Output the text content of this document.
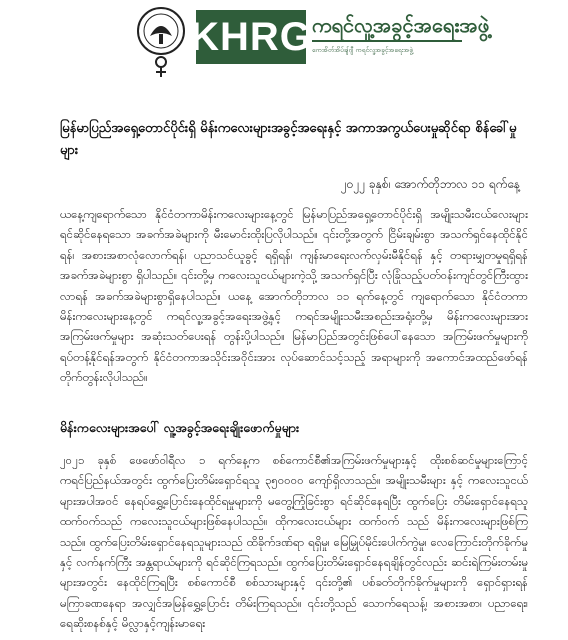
KHRG ကရင်လူ့အခွင့်အရေးအဖွဲ့
ကေအိတ်အိပ်ချ်ဂျီ ကရင်လူ့အခွင့်အရေးအဖွဲ့
မြန်မာပြည်အရှေ့တောင်ပိုင်းရှိ မိန်းကလေးများအခွင့်အရေးနှင့် အကာအကွယ်ပေးမှုဆိုင်ရာ စိန်ခေါ်မှုများ
၂၀၂၂ ခုနှစ်၊ အောက်တိုဘာလ ၁၁ ရက်နေ့
ယနေ့ကျရောက်သော နိုင်ငံတကာမိန်းကလေးများနေ့တွင် မြန်မာပြည်အရှေ့တောင်ပိုင်းရှိ အမျိုးသမီးငယ်လေးများ ရင်ဆိုင်နေရသော အခက်အခဲများကို မီးမောင်းထိုးပြလိုပါသည်။ ၎င်းတို့အတွက် ငြိမ်းချမ်းစွာ အသက်ရှင်နေထိုင်နိုင်ရန်၊ အစားအစာလုံလောက်ရန်၊ ပညာသင်ယူခွင့် ရရှိရန်၊ ကျန်းမာရေးလက်လှမ်းမီနိုင်ရန် နှင့် တရားမျှတမှုရရှိရန် အခက်အခဲများစွာ ရှိပါသည်။ ၎င်းတို့မှ ကလေးသူငယ်များကဲ့သို့ အသက်ရှင်ပြီး လုံခြုံသည့်ပတ်ဝန်းကျင်တွင်ကြီးထွားလာရန် အခက်အခဲများစွာရှိနေပါသည်။ ယနေ့ အောက်တိုဘာလ ၁၁ ရက်နေ့တွင် ကျရောက်သော နိုင်ငံတကာ မိန်းကလေးများနေ့တွင် ကရင်လူ့အခွင့်အရေးအဖွဲ့နှင့် ကရင်အမျိုးသမီးအစည်းအရုံးတို့မှ မိန်းကလေးများအား အကြမ်းဖက်မှုများ အဆုံးသတ်ပေးရန် တွန်းပို့ပါသည်။ မြန်မာပြည်အတွင်းဖြစ်ပေါ်နေသော အကြမ်းဖက်မှုများကိုရပ်တန့်နိုင်ရန်အတွက် နိုင်ငံတကာအသိုင်းအဝိုင်းအား လုပ်ဆောင်သင့်သည့် အရာများကို အကောင်အထည်ဖော်ရန် တိုက်တွန်းလိုပါသည်။
မိန်းကလေးများအပေါ် လူ့အခွင့်အရေးချိုးဖောက်မှုများ
၂၀၂၁ ခုနှစ် ဖေဖော်ဝါရီလ ၁ ရက်နေ့က စစ်ကောင်စီ၏အကြမ်းဖက်မှုများနှင့် ထိုးစစ်ဆင်မှုများကြောင့် ကရင်ပြည်နယ်အတွင်း ထွက်ပြေးတိမ်းရှောင်ရသူ ၃၅၀၀၀၀ ကျော်ရှိလာသည်။ အမျိုးသမီးများ နှင့် ကလေးသူငယ်များအပါအဝင် နေရပ်ရွှေ့ပြောင်းနေထိုင်ရမှုများကို မတွေ့ကြုံခြင်းစွာ ရင်ဆိုင်နေရပြီး ထွက်ပြေး တိမ်းရှောင်နေရသူထက်ဝက်သည် ကလေးသူငယ်များဖြစ်နေပါသည်။ ထိုကလေးငယ်များ ထက်ဝက် သည် မိန်းကလေးများဖြစ်ကြသည်။ ထွက်ပြေးတိမ်းရှောင်နေရသူများသည် ထိခိုက်ဒဏ်ရာ ရရှိမှု၊ မြေမြှုပ်မိုင်းပေါက်ကွဲမှု၊ လေကြောင်းတိုက်ခိုက်မှုနှင့် လက်နက်ကြီး အန္တရာယ်များကို ရင်ဆိုင်ကြရသည်။ ထွက်ပြေးတိမ်းရှောင်နေရချိန်တွင်လည်း ဆင်းရဲကြမ်းတမ်းမှုများအတွင်း နေထိုင်ကြရပြီး စစ်ကောင်စီ စစ်သားများနှင့် ၎င်းတို့၏ ပစ်ခတ်တိုက်ခိုက်မှုများကို ရှောင်ရှားရန် မကြာခဏနေရာ အလျှင်အမြန်ရွှေ့ပြောင်း တိမ်းကြရသည်။ ၎င်းတို့သည် သောက်ရေသန့်၊ အစားအစာ၊ ပညာရေး၊ ရေဆိုးစနစ်နှင့် မိလ္လာနှင့်ကျန်းမာရေး
